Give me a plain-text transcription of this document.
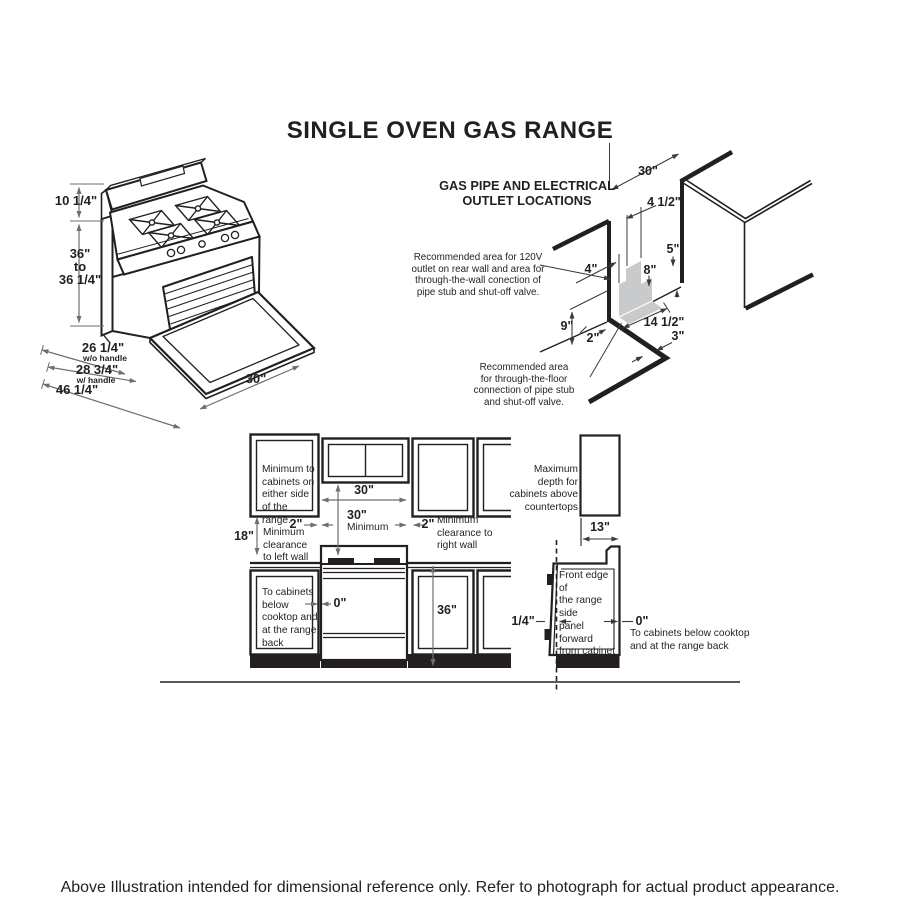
SINGLE OVEN GAS RANGE
10 1/4"
36"
to
36 1/4"
26 1/4"
w/o handle
28 3/4"
w/ handle
46 1/4"
30"
GAS PIPE AND ELECTRICAL
OUTLET LOCATIONS
Recommended area for 120V
outlet on rear wall and area for
through-the-wall conection of
pipe stub and shut-off valve.
Recommended area
for through-the-floor
connection of pipe stub
and shut-off valve.
30"
4 1/2"
5"
4"	8"
9"
2"
14 1/2"
3"
Minimum to
cabinets on
either side
of the range.
30"
30"
Minimum
2"	2" Minimum
clearance to
right wall
18" Minimum
clearance
to left wall
To cabinets
below
cooktop and
at the range
back
0"	36"
Maximum
depth for
cabinets above
countertops
13"
Front edge of
the range side
panel forward
from cabinet
1/4"	0"
To cabinets below cooktop
and at the range back
Above Illustration intended for dimensional reference only. Refer to photograph for actual product appearance.
